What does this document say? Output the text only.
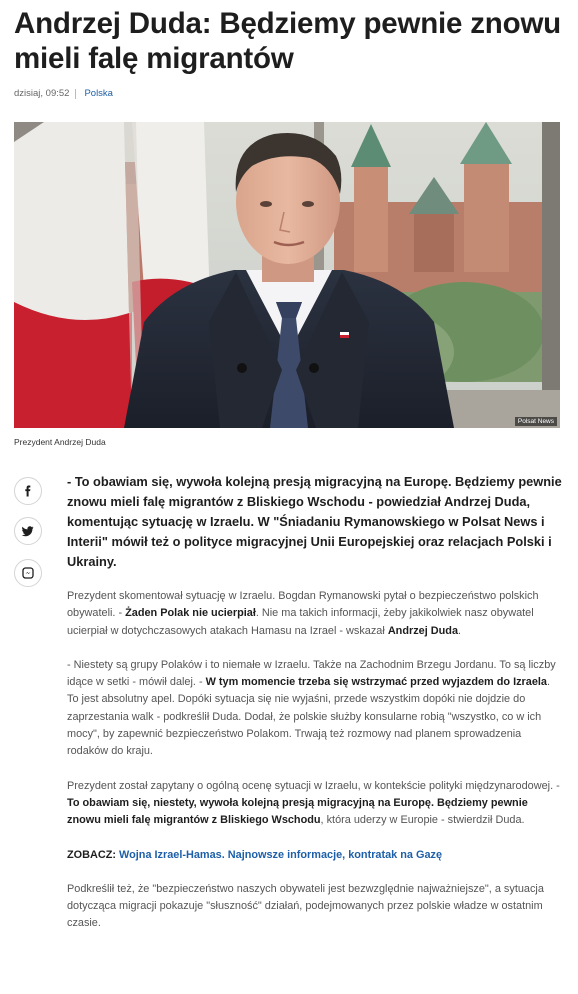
Andrzej Duda: Będziemy pewnie znowu mieli falę migrantów
dzisiaj, 09:52 Polska
Polsat News
Prezydent Andrzej Duda

- To obawiam się, wywoła kolejną presją migracyjną na Europę. Będziemy pewnie znowu mieli falę migrantów z Bliskiego Wschodu - powiedział Andrzej Duda, komentując sytuację w Izraelu. W "Śniadaniu Rymanowskiego w Polsat News i Interii" mówił też o polityce migracyjnej Unii Europejskiej oraz relacjach Polski i Ukrainy.

Prezydent skomentował sytuację w Izraelu. Bogdan Rymanowski pytał o bezpieczeństwo polskich obywateli. - Żaden Polak nie ucierpiał. Nie ma takich informacji, żeby jakikolwiek nasz obywatel ucierpiał w dotychczasowych atakach Hamasu na Izrael - wskazał Andrzej Duda.

- Niestety są grupy Polaków i to niemałe w Izraelu. Także na Zachodnim Brzegu Jordanu. To są liczby idące w setki - mówił dalej. - W tym momencie trzeba się wstrzymać przed wyjazdem do Izraela. To jest absolutny apel. Dopóki sytuacja się nie wyjaśni, przede wszystkim dopóki nie dojdzie do zaprzestania walk - podkreślił Duda. Dodał, że polskie służby konsularne robią "wszystko, co w ich mocy", by zapewnić bezpieczeństwo Polakom. Trwają też rozmowy nad planem sprowadzenia rodaków do kraju.

Prezydent został zapytany o ogólną ocenę sytuacji w Izraelu, w kontekście polityki międzynarodowej. - To obawiam się, niestety, wywoła kolejną presją migracyjną na Europę. Będziemy pewnie znowu mieli falę migrantów z Bliskiego Wschodu, która uderzy w Europie - stwierdził Duda.

ZOBACZ: Wojna Izrael-Hamas. Najnowsze informacje, kontratak na Gazę

Podkreślił też, że "bezpieczeństwo naszych obywateli jest bezwzględnie najważniejsze", a sytuacja dotycząca migracji pokazuje "słuszność" działań, podejmowanych przez polskie władze w ostatnim czasie.
